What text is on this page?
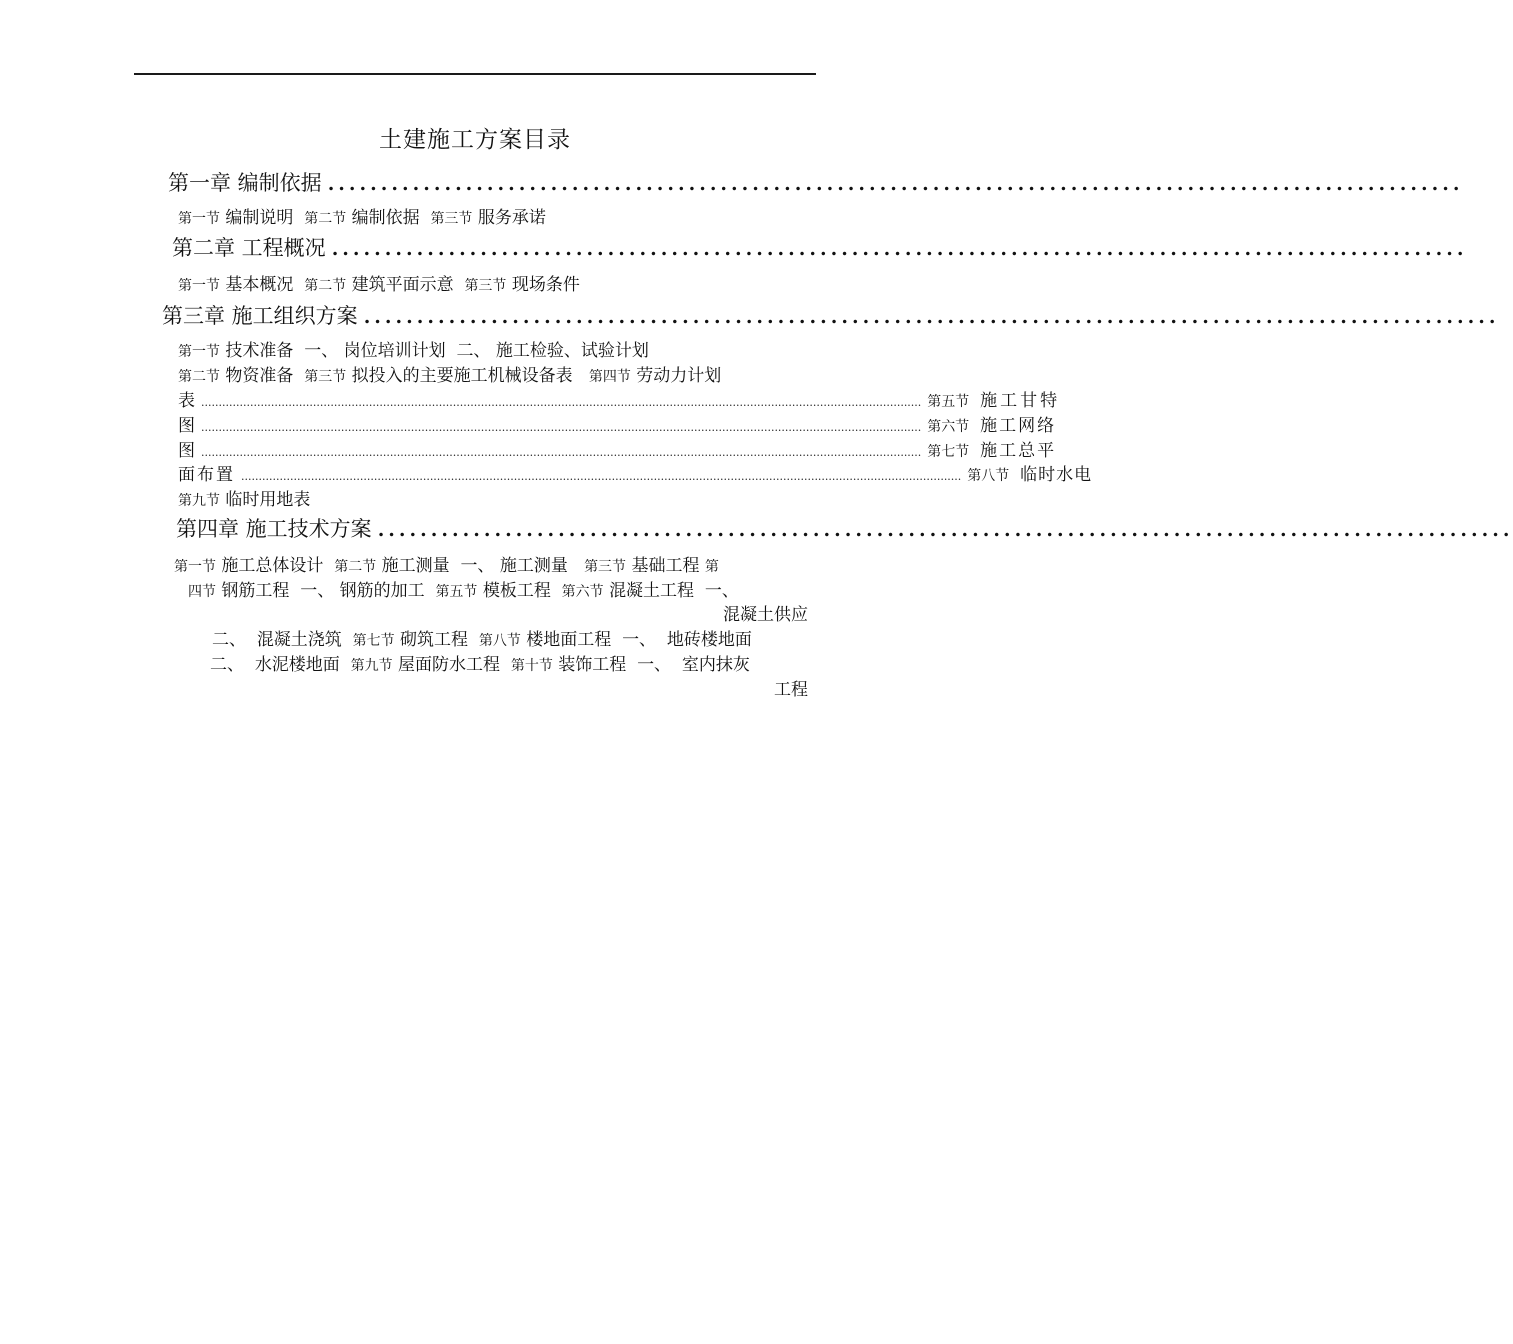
土建施工方案目录
第一章 编制依据 ...........................................................................................................
第一节 编制说明 第二节 编制依据 第三节 服务承诺
第二章 工程概况 ...........................................................................................................
第一节 基本概况 第二节 建筑平面示意 第三节 现场条件
第三章 施工组织方案 ...........................................................................................................
第一节 技术准备 一、 岗位培训计划 二、 施工检验、试验计划
第二节 物资准备 第三节 拟投入的主要施工机械设备表 第四节 劳动力计划
表 .............................................................................................................................................................................................................. 第五节
施工甘特
图 .............................................................................................................................................................................................................. 第六节
施工网络
图 .............................................................................................................................................................................................................. 第七节
施工总平
面布置 .............................................................................................................................................................................................................. 第八节
临时水电
第九节 临时用地表
第四章 施工技术方案 ...........................................................................................................
第一节 施工总体设计 第二节 施工测量 一、 施工测量 第三节 基础工程 第
四节 钢筋工程 一、 钢筋的加工 第五节 模板工程 第六节 混凝土工程 一、
混凝土供应
二、 混凝土浇筑 第七节 砌筑工程 第八节 楼地面工程 一、 地砖楼地面
二、 水泥楼地面 第九节 屋面防水工程 第十节 装饰工程 一、 室内抹灰
工程
